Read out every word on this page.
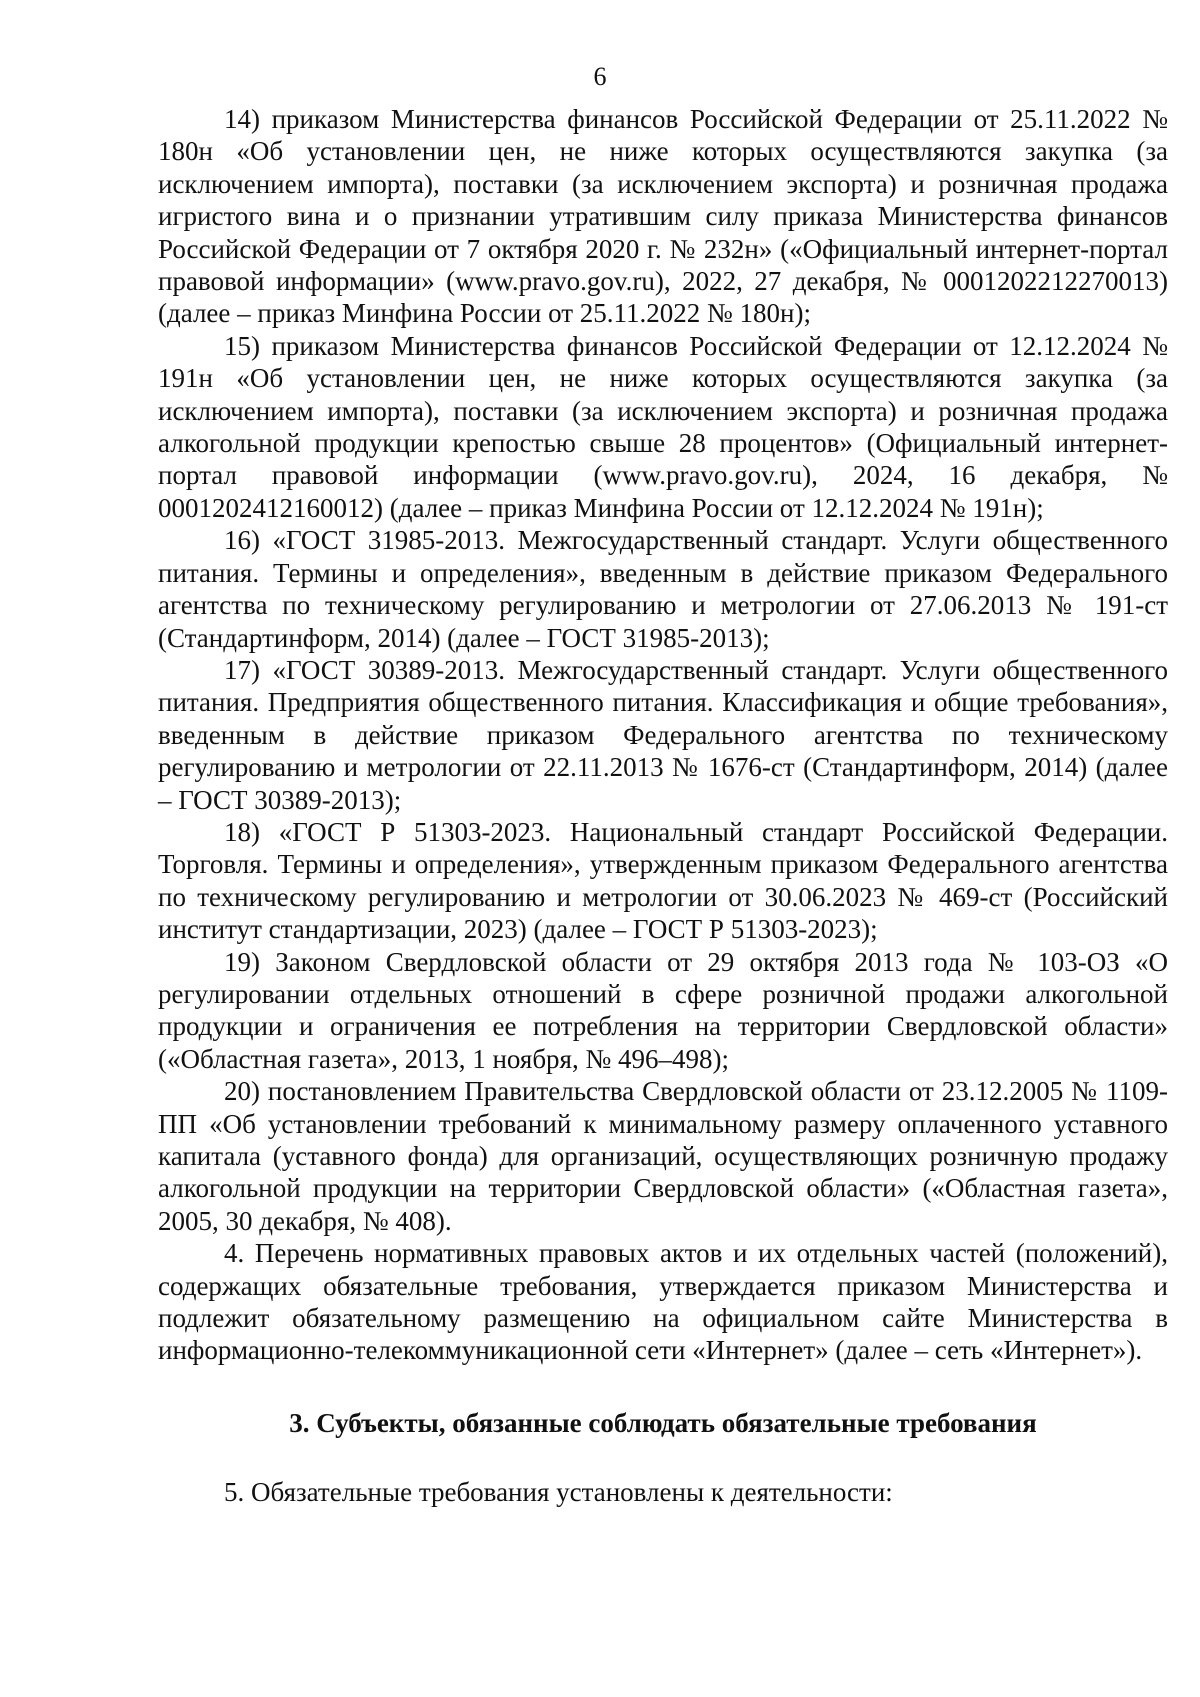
6

14) приказом Министерства финансов Российской Федерации от 25.11.2022 № 180н «Об установлении цен, не ниже которых осуществляются закупка (за исключением импорта), поставки (за исключением экспорта) и розничная продажа игристого вина и о признании утратившим силу приказа Министерства финансов Российской Федерации от 7 октября 2020 г. № 232н» («Официальный интернет-портал правовой информации» (www.pravo.gov.ru), 2022, 27 декабря, № 0001202212270013) (далее – приказ Минфина России от 25.11.2022 № 180н);

15) приказом Министерства финансов Российской Федерации от 12.12.2024 № 191н «Об установлении цен, не ниже которых осуществляются закупка (за исключением импорта), поставки (за исключением экспорта) и розничная продажа алкогольной продукции крепостью свыше 28 процентов» (Официальный интернет-портал правовой информации (www.pravo.gov.ru), 2024, 16 декабря, № 0001202412160012) (далее – приказ Минфина России от 12.12.2024 № 191н);

16) «ГОСТ 31985-2013. Межгосударственный стандарт. Услуги общественного питания. Термины и определения», введенным в действие приказом Федерального агентства по техническому регулированию и метрологии от 27.06.2013 № 191-ст (Стандартинформ, 2014) (далее – ГОСТ 31985-2013);

17) «ГОСТ 30389-2013. Межгосударственный стандарт. Услуги общественного питания. Предприятия общественного питания. Классификация и общие требования», введенным в действие приказом Федерального агентства по техническому регулированию и метрологии от 22.11.2013 № 1676-ст (Стандартинформ, 2014) (далее – ГОСТ 30389-2013);

18) «ГОСТ Р 51303-2023. Национальный стандарт Российской Федерации. Торговля. Термины и определения», утвержденным приказом Федерального агентства по техническому регулированию и метрологии от 30.06.2023 № 469-ст (Российский институт стандартизации, 2023) (далее – ГОСТ Р 51303-2023);

19) Законом Свердловской области от 29 октября 2013 года № 103-ОЗ «О регулировании отдельных отношений в сфере розничной продажи алкогольной продукции и ограничения ее потребления на территории Свердловской области» («Областная газета», 2013, 1 ноября, № 496–498);

20) постановлением Правительства Свердловской области от 23.12.2005 № 1109-ПП «Об установлении требований к минимальному размеру оплаченного уставного капитала (уставного фонда) для организаций, осуществляющих розничную продажу алкогольной продукции на территории Свердловской области» («Областная газета», 2005, 30 декабря, № 408).

4. Перечень нормативных правовых актов и их отдельных частей (положений), содержащих обязательные требования, утверждается приказом Министерства и подлежит обязательному размещению на официальном сайте Министерства в информационно-телекоммуникационной сети «Интернет» (далее – сеть «Интернет»).

3. Субъекты, обязанные соблюдать обязательные требования

5. Обязательные требования установлены к деятельности:
